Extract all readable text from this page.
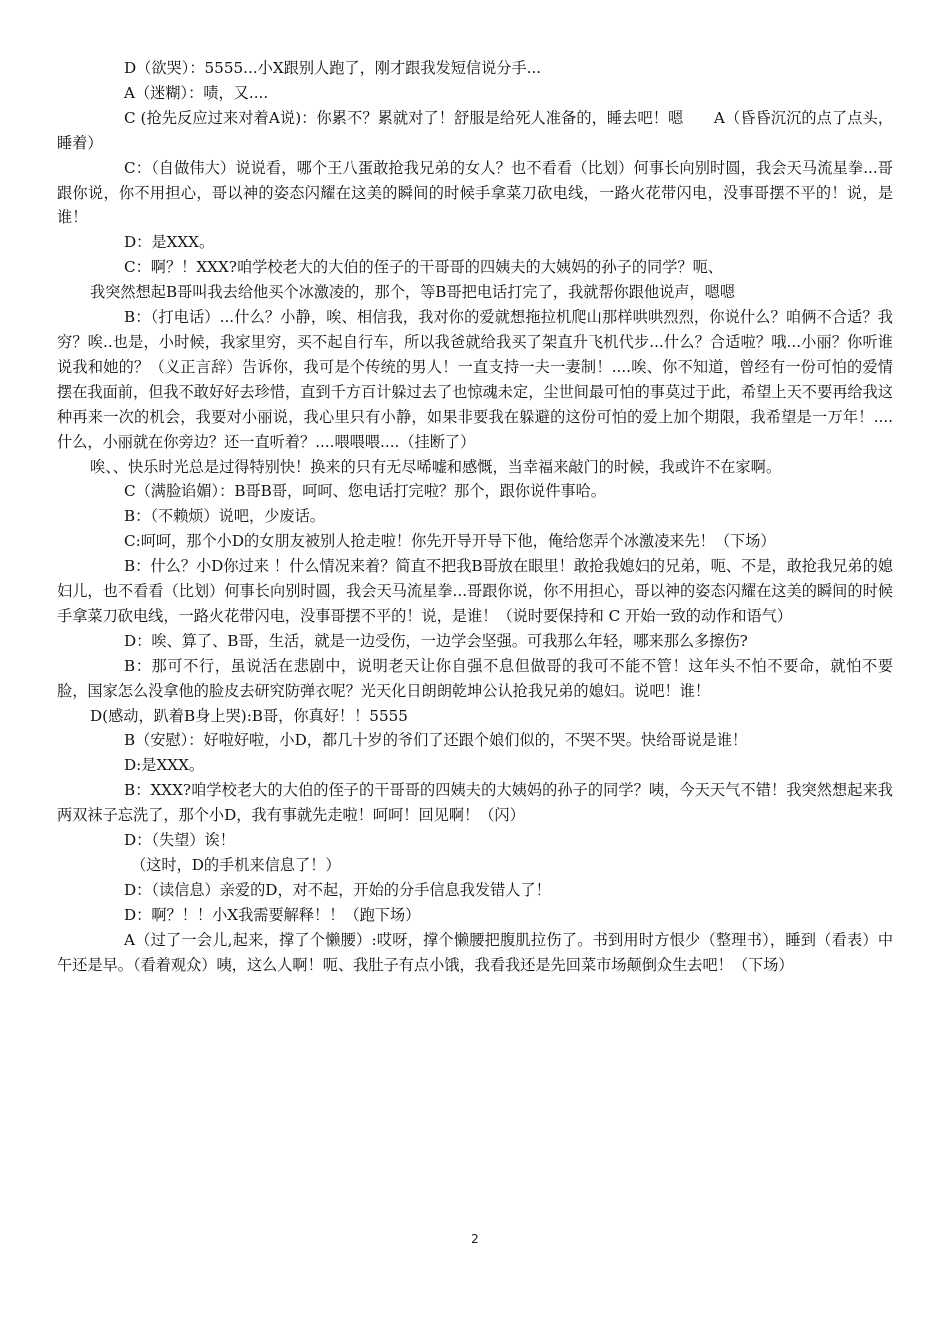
D（欲哭）：5555...小X跟别人跑了，刚才跟我发短信说分手...

A（迷糊）：啧，又....

C (抢先反应过来对着A说)：你累不？累就对了！舒服是给死人准备的，睡去吧！嗯　　A（昏昏沉沉的点了点头，睡着）

C：（自做伟大）说说看，哪个王八蛋敢抢我兄弟的女人？也不看看（比划）何事长向别时圆，我会天马流星拳...哥跟你说，你不用担心，哥以神的姿态闪耀在这美的瞬间的时候手拿菜刀砍电线，一路火花带闪电，没事哥摆不平的！说，是谁！

D：是XXX。

C：啊？！XXX?咱学校老大的大伯的侄子的干哥哥的四姨夫的大姨妈的孙子的同学？呃、

我突然想起B哥叫我去给他买个冰激凌的，那个，等B哥把电话打完了，我就帮你跟他说声，嗯嗯

B：（打电话）...什么？小静，唉、相信我，我对你的爱就想拖拉机爬山那样哄哄烈烈，你说什么？咱俩不合适？我穷？唉..也是，小时候，我家里穷，买不起自行车，所以我爸就给我买了架直升飞机代步...什么？合适啦？哦...小丽？你听谁说我和她的？（义正言辞）告诉你，我可是个传统的男人！一直支持一夫一妻制！....唉、你不知道，曾经有一份可怕的爱情摆在我面前，但我不敢好好去珍惜，直到千方百计躲过去了也惊魂未定，尘世间最可怕的事莫过于此，希望上天不要再给我这种再来一次的机会，我要对小丽说，我心里只有小静，如果非要我在躲避的这份可怕的爱上加个期限，我希望是一万年！....什么，小丽就在你旁边？还一直听着？....喂喂喂....（挂断了）

唉、、快乐时光总是过得特别快！换来的只有无尽唏嘘和感慨，当幸福来敲门的时候，我或许不在家啊。

C（满脸谄媚）：B哥B哥，呵呵、您电话打完啦？那个，跟你说件事哈。

B：（不赖烦）说吧，少废话。

C:呵呵，那个小D的女朋友被别人抢走啦！你先开导开导下他，俺给您弄个冰激凌来先！（下场）

B：什么？小D你过来 ！什么情况来着？简直不把我B哥放在眼里！敢抢我媳妇的兄弟，呃、不是，敢抢我兄弟的媳妇儿，也不看看（比划）何事长向别时圆，我会天马流星拳...哥跟你说，你不用担心，哥以神的姿态闪耀在这美的瞬间的时候手拿菜刀砍电线，一路火花带闪电，没事哥摆不平的！说，是谁！（说时要保持和 C 开始一致的动作和语气）

D：唉、算了、B哥，生活，就是一边受伤，一边学会坚强。可我那么年轻，哪来那么多擦伤?

B：那可不行，虽说活在悲剧中，说明老天让你自强不息但做哥的我可不能不管！这年头不怕不要命，就怕不要脸，国家怎么没拿他的脸皮去研究防弹衣呢？光天化日朗朗乾坤公认抢我兄弟的媳妇。说吧！谁！

D(感动，趴着B身上哭):B哥，你真好！！5555

B（安慰）：好啦好啦，小D，都几十岁的爷们了还跟个娘们似的，不哭不哭。快给哥说是谁！

D:是XXX。

B：XXX?咱学校老大的大伯的侄子的干哥哥的四姨夫的大姨妈的孙子的同学？咦，今天天气不错！我突然想起来我两双袜子忘洗了，那个小D，我有事就先走啦！呵呵！回见啊！（闪）

D：（失望）诶！

（这时，D的手机来信息了！）

D：（读信息）亲爱的D，对不起，开始的分手信息我发错人了！

D：啊？！！小X我需要解释！！（跑下场）

A（过了一会儿,起来，撑了个懒腰）:哎呀，撑个懒腰把腹肌拉伤了。书到用时方恨少（整理书），睡到（看表）中午还是早。（看着观众）咦，这么人啊！呃、我肚子有点小饿，我看我还是先回菜市场颠倒众生去吧！（下场）

2
